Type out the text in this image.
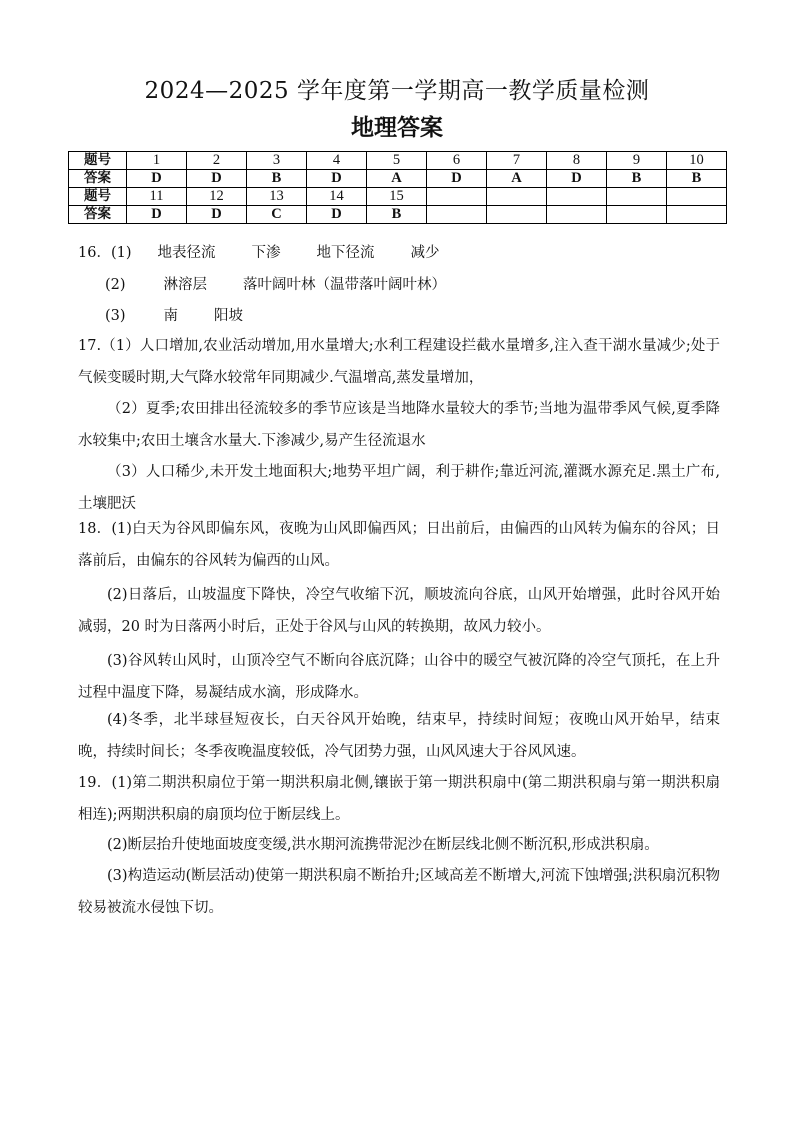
2024—2025 学年度第一学期高一教学质量检测
地理答案
题号	1	2	3	4	5	6	7	8	9	10
答案	D	D	B	D	A	D	A	D	B	B
题号	11	12	13	14	15					
答案	D	D	C	D	B					
16．(1) 地表径流 下渗 地下径流 减少
(2)	淋溶层 落叶阔叶林（温带落叶阔叶林）
(3)	南 阳坡
17.（1）人口增加,农业活动增加,用水量增大;水利工程建设拦截水量增多,注入查干湖水量减少;处于气候变暖时期,大气降水较常年同期减少.气温增高,蒸发量增加，
（2）夏季;农田排出径流较多的季节应该是当地降水量较大的季节;当地为温带季风气候,夏季降水较集中;农田土壤含水量大.下渗减少,易产生径流退水
（3）人口稀少,未开发土地面积大;地势平坦广阔，利于耕作;靠近河流,灌溉水源充足.黑土广布,土壤肥沃
18．(1)白天为谷风即偏东风，夜晚为山风即偏西风；日出前后，由偏西的山风转为偏东的谷风；日落前后，由偏东的谷风转为偏西的山风。
(2)日落后，山坡温度下降快，冷空气收缩下沉，顺坡流向谷底，山风开始增强，此时谷风开始减弱，20 时为日落两小时后，正处于谷风与山风的转换期，故风力较小。
(3)谷风转山风时，山顶冷空气不断向谷底沉降；山谷中的暖空气被沉降的冷空气顶托，在上升过程中温度下降，易凝结成水滴，形成降水。
(4)冬季，北半球昼短夜长，白天谷风开始晚，结束早，持续时间短；夜晚山风开始早，结束晚，持续时间长；冬季夜晚温度较低，冷气团势力强，山风风速大于谷风风速。
19．(1)第二期洪积扇位于第一期洪积扇北侧,镶嵌于第一期洪积扇中(第二期洪积扇与第一期洪积扇相连);两期洪积扇的扇顶均位于断层线上。
(2)断层抬升使地面坡度变缓,洪水期河流携带泥沙在断层线北侧不断沉积,形成洪积扇。
(3)构造运动(断层活动)使第一期洪积扇不断抬升;区域高差不断增大,河流下蚀增强;洪积扇沉积物较易被流水侵蚀下切。
